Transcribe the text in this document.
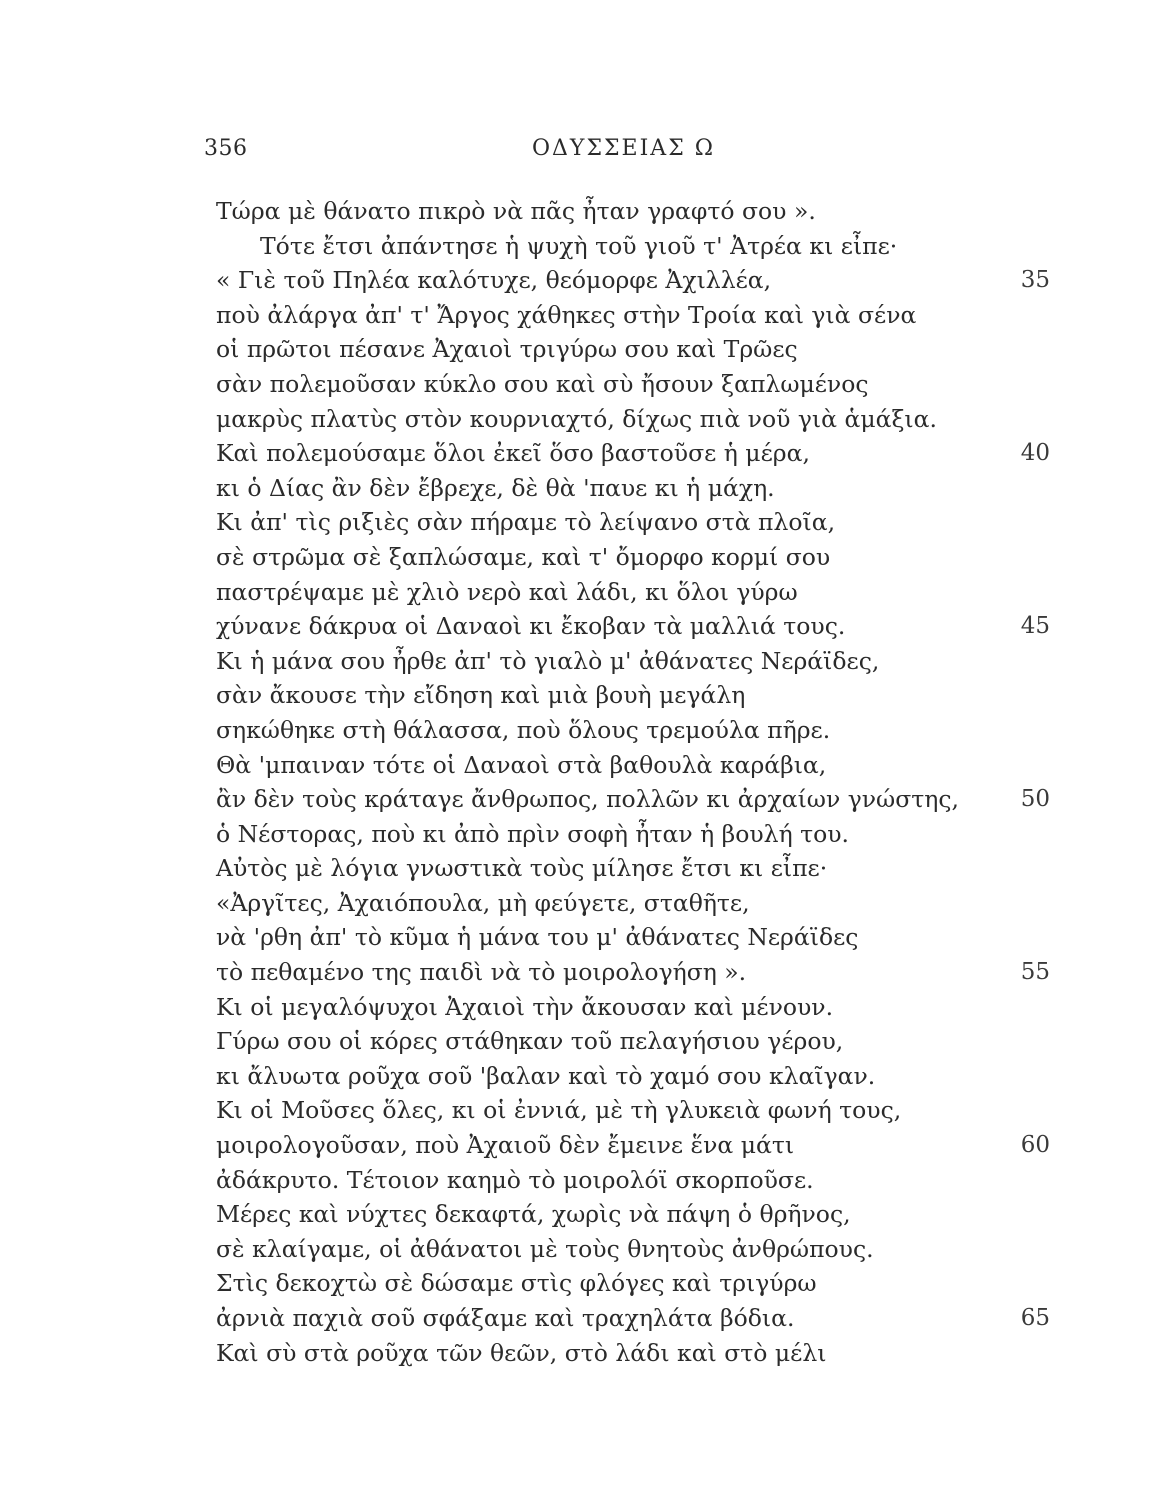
356	ΟΔΥΣΣΕΙΑΣ Ω
Τώρα μὲ θάνατο πικρὸ νὰ πᾶς ἦταν γραφτό σου ».
Τότε ἔτσι ἀπάντησε ἡ ψυχὴ τοῦ γιοῦ τ' Ἀτρέα κι εἶπε·
« Γιὲ τοῦ Πηλέα καλότυχε, θεόμορφε Ἀχιλλέα,	35
ποὺ ἀλάργα ἀπ' τ' Ἄργος χάθηκες στὴν Τροία καὶ γιὰ σένα
οἱ πρῶτοι πέσανε Ἀχαιοὶ τριγύρω σου καὶ Τρῶες
σὰν πολεμοῦσαν κύκλο σου καὶ σὺ ἤσουν ξαπλωμένος
μακρὺς πλατὺς στὸν κουρνιαχτό, δίχως πιὰ νοῦ γιὰ ἁμάξια.
Καὶ πολεμούσαμε ὅλοι ἐκεῖ ὅσο βαστοῦσε ἡ μέρα,	40
κι ὁ Δίας ἂν δὲν ἔβρεχε, δὲ θὰ 'παυε κι ἡ μάχη.
Κι ἀπ' τὶς ριξιὲς σὰν πήραμε τὸ λείψανο στὰ πλοῖα,
σὲ στρῶμα σὲ ξαπλώσαμε, καὶ τ' ὄμορφο κορμί σου
παστρέψαμε μὲ χλιὸ νερὸ καὶ λάδι, κι ὅλοι γύρω
χύνανε δάκρυα οἱ Δαναοὶ κι ἔκοβαν τὰ μαλλιά τους.	45
Κι ἡ μάνα σου ἦρθε ἀπ' τὸ γιαλὸ μ' ἀθάνατες Νεράϊδες,
σὰν ἄκουσε τὴν εἴδηση καὶ μιὰ βουὴ μεγάλη
σηκώθηκε στὴ θάλασσα, ποὺ ὅλους τρεμούλα πῆρε.
Θὰ 'μπαιναν τότε οἱ Δαναοὶ στὰ βαθουλὰ καράβια,
ἂν δὲν τοὺς κράταγε ἄνθρωπος, πολλῶν κι ἀρχαίων γνώστης,	50
ὁ Νέστορας, ποὺ κι ἀπὸ πρὶν σοφὴ ἦταν ἡ βουλή του.
Αὐτὸς μὲ λόγια γνωστικὰ τοὺς μίλησε ἔτσι κι εἶπε·
«Ἀργῖτες, Ἀχαιόπουλα, μὴ φεύγετε, σταθῆτε,
νὰ 'ρθη ἀπ' τὸ κῦμα ἡ μάνα του μ' ἀθάνατες Νεράϊδες
τὸ πεθαμένο της παιδὶ νὰ τὸ μοιρολογήση ».	55
Κι οἱ μεγαλόψυχοι Ἀχαιοὶ τὴν ἄκουσαν καὶ μένουν.
Γύρω σου οἱ κόρες στάθηκαν τοῦ πελαγήσιου γέρου,
κι ἄλυωτα ροῦχα σοῦ 'βαλαν καὶ τὸ χαμό σου κλαῖγαν.
Κι οἱ Μοῦσες ὅλες, κι οἱ ἐννιά, μὲ τὴ γλυκειὰ φωνή τους,
μοιρολογοῦσαν, ποὺ Ἀχαιοῦ δὲν ἔμεινε ἕνα μάτι	60
ἀδάκρυτο. Τέτοιον καημὸ τὸ μοιρολόϊ σκορποῦσε.
Μέρες καὶ νύχτες δεκαφτά, χωρὶς νὰ πάψη ὁ θρῆνος,
σὲ κλαίγαμε, οἱ ἀθάνατοι μὲ τοὺς θνητοὺς ἀνθρώπους.
Στὶς δεκοχτὼ σὲ δώσαμε στὶς φλόγες καὶ τριγύρω
ἀρνιὰ παχιὰ σοῦ σφάξαμε καὶ τραχηλάτα βόδια.	65
Καὶ σὺ στὰ ροῦχα τῶν θεῶν, στὸ λάδι καὶ στὸ μέλι
